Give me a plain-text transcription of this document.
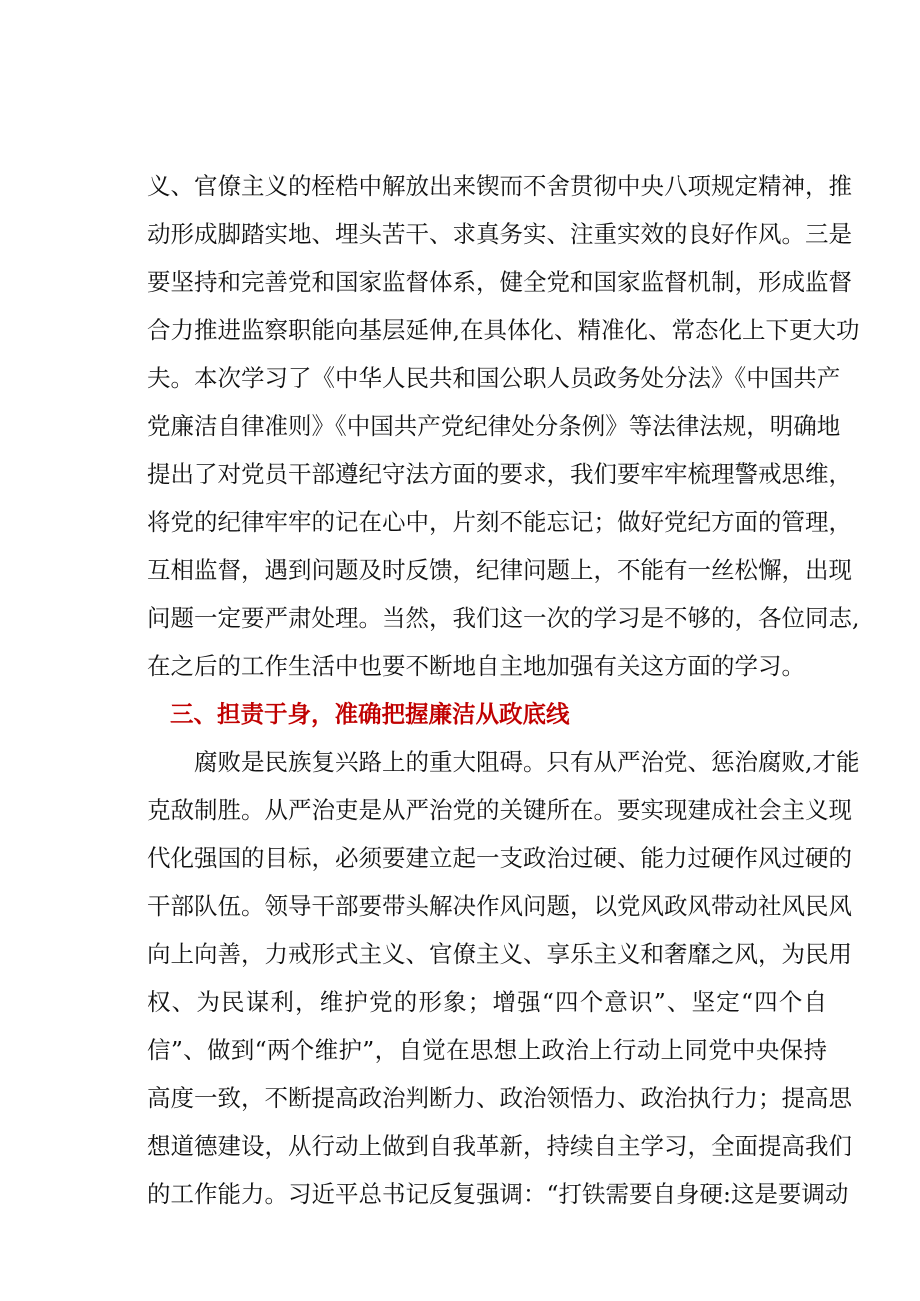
义、官僚主义的桎梏中解放出来锲而不舍贯彻中央八项规定精神，推
动形成脚踏实地、埋头苦干、求真务实、注重实效的良好作风。三是
要坚持和完善党和国家监督体系，健全党和国家监督机制，形成监督
合力推进监察职能向基层延伸,在具体化、精准化、常态化上下更大功
夫。本次学习了《中华人民共和国公职人员政务处分法》《中国共产
党廉洁自律准则》《中国共产党纪律处分条例》等法律法规，明确地
提出了对党员干部遵纪守法方面的要求，我们要牢牢梳理警戒思维，
将党的纪律牢牢的记在心中，片刻不能忘记；做好党纪方面的管理，
互相监督，遇到问题及时反馈，纪律问题上，不能有一丝松懈，出现
问题一定要严肃处理。当然，我们这一次的学习是不够的，各位同志,
在之后的工作生活中也要不断地自主地加强有关这方面的学习。
三、担责于身，准确把握廉洁从政底线
腐败是民族复兴路上的重大阻碍。只有从严治党、惩治腐败,才能
克敌制胜。从严治吏是从严治党的关键所在。要实现建成社会主义现
代化强国的目标，必须要建立起一支政治过硬、能力过硬作风过硬的
干部队伍。领导干部要带头解决作风问题，以党风政风带动社风民风
向上向善，力戒形式主义、官僚主义、享乐主义和奢靡之风，为民用
权、为民谋利，维护党的形象；增强“四个意识”、坚定“四个自
信”、做到“两个维护”，自觉在思想上政治上行动上同党中央保持
高度一致，不断提高政治判断力、政治领悟力、政治执行力；提高思
想道德建设，从行动上做到自我革新，持续自主学习，全面提高我们
的工作能力。习近平总书记反复强调：“打铁需要自身硬:这是要调动
